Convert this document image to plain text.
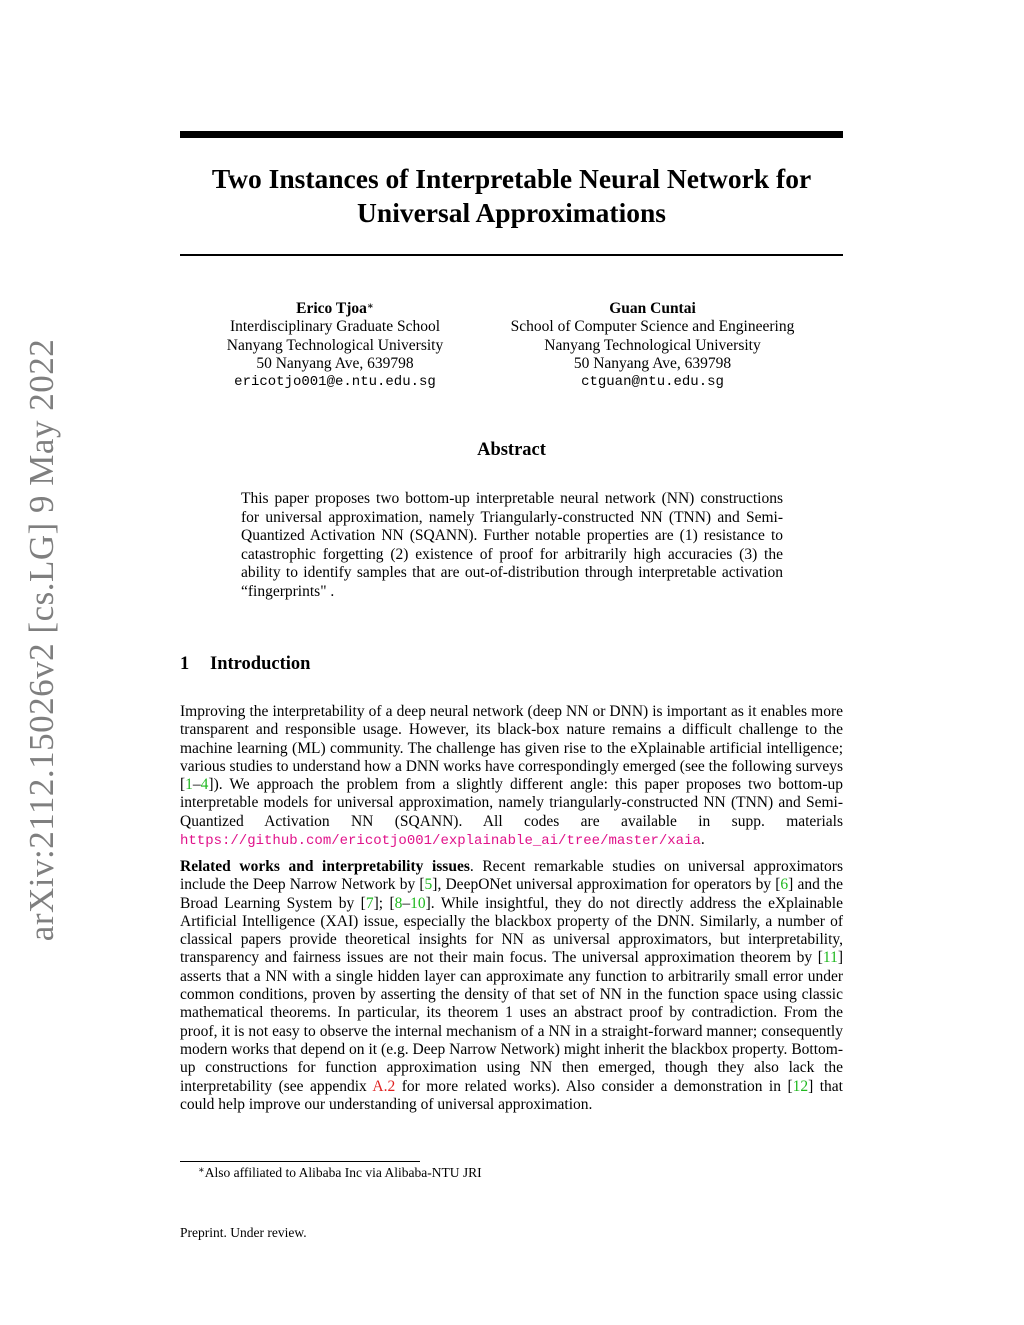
arXiv:2112.15026v2 [cs.LG] 9 May 2022
Two Instances of Interpretable Neural Network for
Universal Approximations
Erico Tjoa∗
Interdisciplinary Graduate School
Nanyang Technological University
50 Nanyang Ave, 639798
ericotjo001@e.ntu.edu.sg
Guan Cuntai
School of Computer Science and Engineering
Nanyang Technological University
50 Nanyang Ave, 639798
ctguan@ntu.edu.sg
Abstract
This paper proposes two bottom-up interpretable neural network (NN) constructions for universal approximation, namely Triangularly-constructed NN (TNN) and Semi-Quantized Activation NN (SQANN). Further notable properties are (1) resistance to catastrophic forgetting (2) existence of proof for arbitrarily high accuracies (3) the ability to identify samples that are out-of-distribution through interpretable activation “fingerprints" .
1 Introduction
Improving the interpretability of a deep neural network (deep NN or DNN) is important as it enables more transparent and responsible usage. However, its black-box nature remains a difficult challenge to the machine learning (ML) community. The challenge has given rise to the eXplainable artificial intelligence; various studies to understand how a DNN works have correspondingly emerged (see the following surveys [1–4]). We approach the problem from a slightly different angle: this paper proposes two bottom-up interpretable models for universal approximation, namely triangularly-constructed NN (TNN) and Semi-Quantized Activation NN (SQANN). All codes are available in supp. materials https://github.com/ericotjo001/explainable_ai/tree/master/xaia.
Related works and interpretability issues. Recent remarkable studies on universal approximators include the Deep Narrow Network by [5], DeepONet universal approximation for operators by [6] and the Broad Learning System by [7]; [8–10]. While insightful, they do not directly address the eXplainable Artificial Intelligence (XAI) issue, especially the blackbox property of the DNN. Similarly, a number of classical papers provide theoretical insights for NN as universal approximators, but interpretability, transparency and fairness issues are not their main focus. The universal approximation theorem by [11] asserts that a NN with a single hidden layer can approximate any function to arbitrarily small error under common conditions, proven by asserting the density of that set of NN in the function space using classic mathematical theorems. In particular, its theorem 1 uses an abstract proof by contradiction. From the proof, it is not easy to observe the internal mechanism of a NN in a straight-forward manner; consequently modern works that depend on it (e.g. Deep Narrow Network) might inherit the blackbox property. Bottom-up constructions for function approximation using NN then emerged, though they also lack the interpretability (see appendix A.2 for more related works). Also consider a demonstration in [12] that could help improve our understanding of universal approximation.
∗Also affiliated to Alibaba Inc via Alibaba-NTU JRI
Preprint. Under review.
